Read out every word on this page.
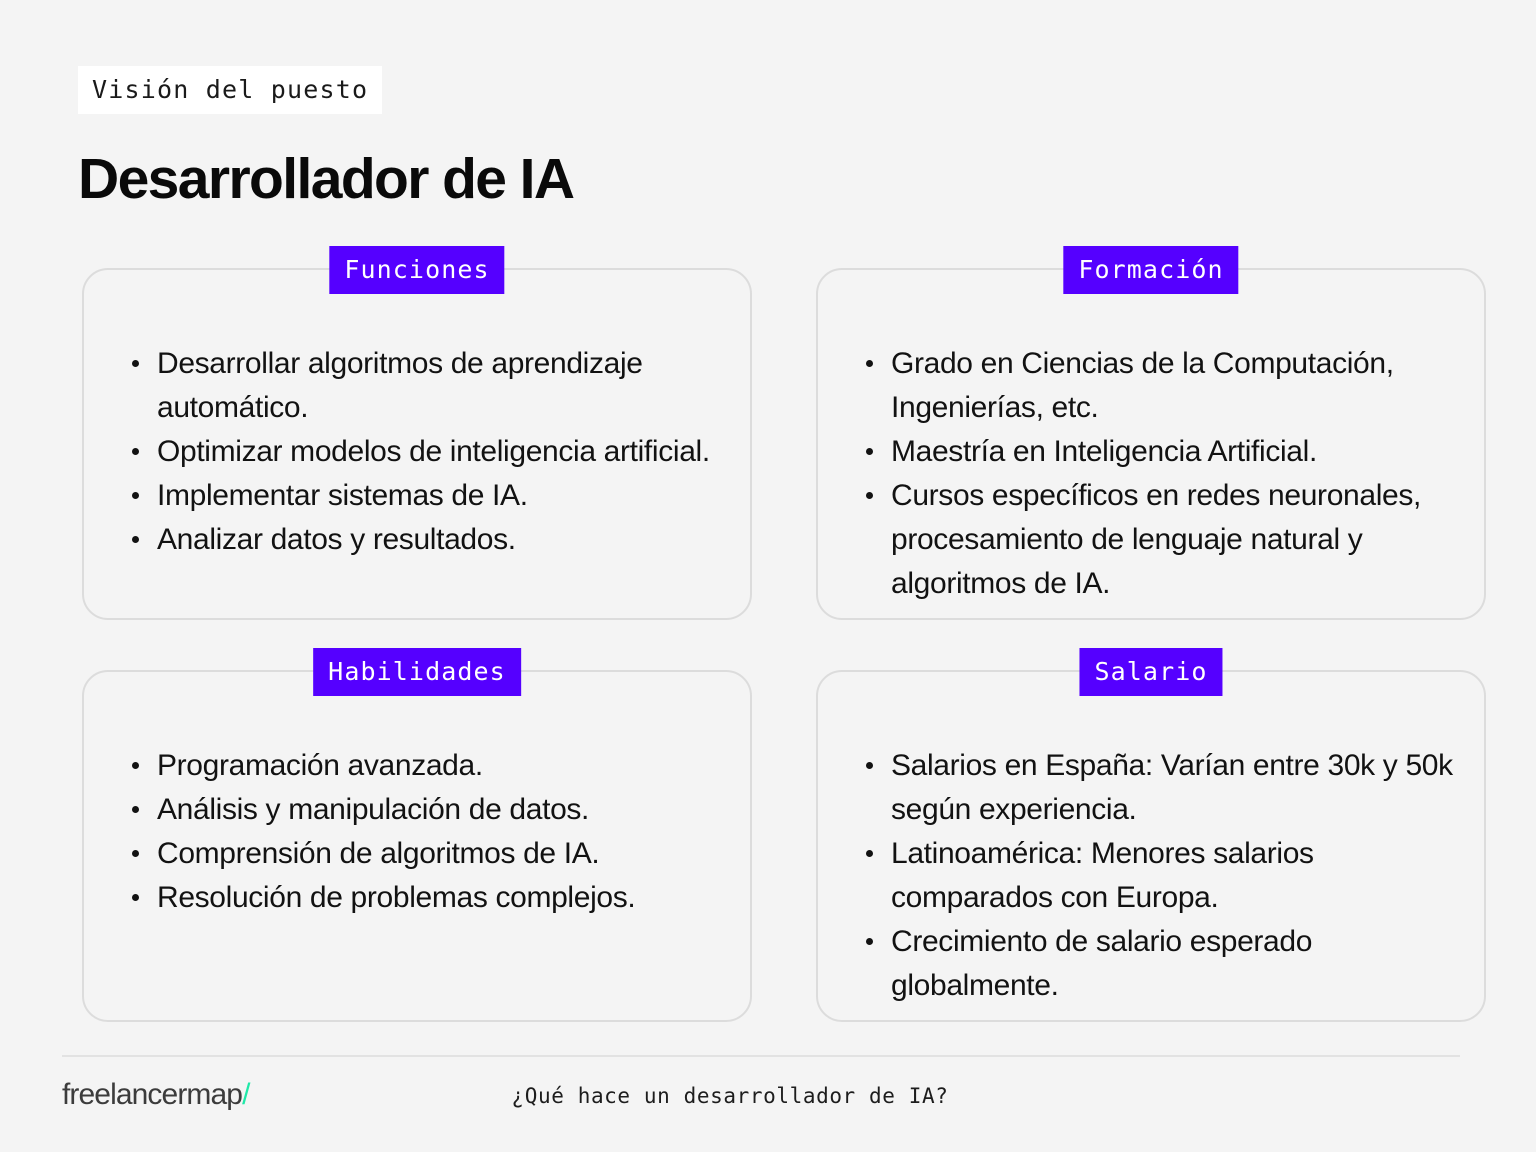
Visión del puesto
Desarrollador de IA
Funciones
Desarrollar algoritmos de aprendizaje automático.
Optimizar modelos de inteligencia artificial.
Implementar sistemas de IA.
Analizar datos y resultados.
Formación
Grado en Ciencias de la Computación, Ingenierías, etc.
Maestría en Inteligencia Artificial.
Cursos específicos en redes neuronales, procesamiento de lenguaje natural y algoritmos de IA.
Habilidades
Programación avanzada.
Análisis y manipulación de datos.
Comprensión de algoritmos de IA.
Resolución de problemas complejos.
Salario
Salarios en España: Varían entre 30k y 50k según experiencia.
Latinoamérica: Menores salarios comparados con Europa.
Crecimiento de salario esperado globalmente.
freelancermap/	¿Qué hace un desarrollador de IA?
